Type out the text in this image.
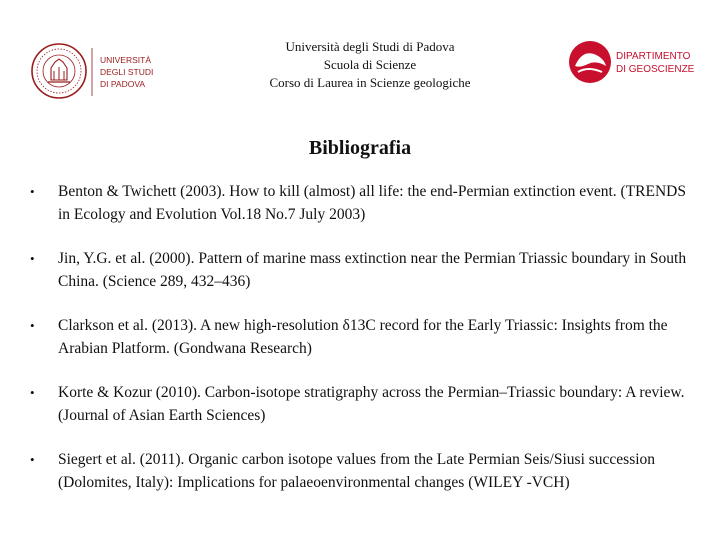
UNIVERSITÀ
DEGLI STUDI
DI PADOVA
Università degli Studi di Padova
Scuola di Scienze
Corso di Laurea in Scienze geologiche
DIPARTIMENTO
DI GEOSCIENZE
Bibliografia
•	Benton & Twichett (2003). How to kill (almost) all life: the end-Permian extinction event. (TRENDS in Ecology and Evolution Vol.18 No.7 July 2003)
•	Jin, Y.G. et al. (2000). Pattern of marine mass extinction near the Permian Triassic boundary in South China. (Science 289, 432–436)
•	Clarkson et al. (2013). A new high-resolution δ13C record for the Early Triassic: Insights from the Arabian Platform. (Gondwana Research)
•	Korte & Kozur (2010). Carbon-isotope stratigraphy across the Permian–Triassic boundary: A review. (Journal of Asian Earth Sciences)
•	Siegert et al. (2011). Organic carbon isotope values from the Late Permian Seis/Siusi succession (Dolomites, Italy): Implications for palaeoenvironmental changes (WILEY -VCH)
